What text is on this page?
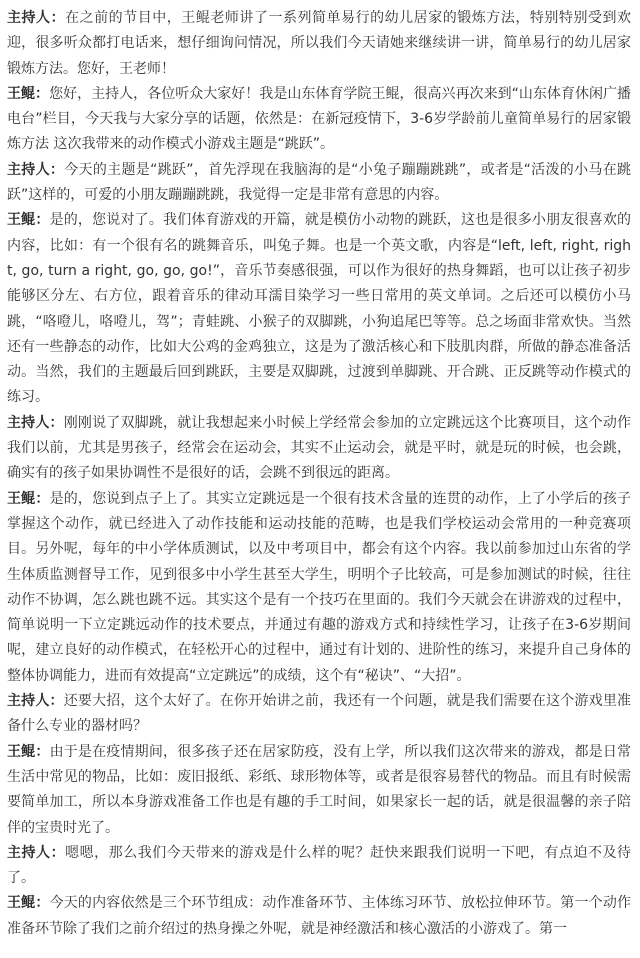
主持人：在之前的节目中，王鲲老师讲了一系列简单易行的幼儿居家的锻炼方法，特别特别受到欢迎，很多听众都打电话来，想仔细询问情况，所以我们今天请她来继续讲一讲，简单易行的幼儿居家锻炼方法。您好，王老师！

王鲲：您好，主持人，各位听众大家好！我是山东体育学院王鲲，很高兴再次来到“山东体育休闲广播电台”栏目，今天我与大家分享的话题，依然是：在新冠疫情下，3-6岁学龄前儿童简单易行的居家锻炼方法 这次我带来的动作模式小游戏主题是“跳跃”。

主持人：今天的主题是“跳跃”，首先浮现在我脑海的是“小兔子蹦蹦跳跳”，或者是“活泼的小马在跳跃”这样的，可爱的小朋友蹦蹦跳跳，我觉得一定是非常有意思的内容。

王鲲：是的，您说对了。我们体育游戏的开篇，就是模仿小动物的跳跃，这也是很多小朋友很喜欢的内容，比如：有一个很有名的跳舞音乐，叫兔子舞。也是一个英文歌，内容是“left, left, right, right, go, turn a right, go, go, go!”，音乐节奏感很强，可以作为很好的热身舞蹈，也可以让孩子初步能够区分左、右方位，跟着音乐的律动耳濡目染学习一些日常用的英文单词。之后还可以模仿小马跳，“咯噔儿，咯噔儿，驾”；青蛙跳、小猴子的双脚跳，小狗追尾巴等等。总之场面非常欢快。当然还有一些静态的动作，比如大公鸡的金鸡独立，这是为了激活核心和下肢肌肉群，所做的静态准备活动。当然，我们的主题最后回到跳跃，主要是双脚跳，过渡到单脚跳、开合跳、正反跳等动作模式的练习。

主持人：刚刚说了双脚跳，就让我想起来小时候上学经常会参加的立定跳远这个比赛项目，这个动作我们以前，尤其是男孩子，经常会在运动会，其实不止运动会，就是平时，就是玩的时候，也会跳，确实有的孩子如果协调性不是很好的话，会跳不到很远的距离。

王鲲：是的，您说到点子上了。其实立定跳远是一个很有技术含量的连贯的动作，上了小学后的孩子掌握这个动作，就已经进入了动作技能和运动技能的范畴，也是我们学校运动会常用的一种竞赛项目。另外呢，每年的中小学体质测试，以及中考项目中，都会有这个内容。我以前参加过山东省的学生体质监测督导工作，见到很多中小学生甚至大学生，明明个子比较高，可是参加测试的时候，往往动作不协调，怎么跳也跳不远。其实这个是有一个技巧在里面的。我们今天就会在讲游戏的过程中，简单说明一下立定跳远动作的技术要点，并通过有趣的游戏方式和持续性学习，让孩子在3-6岁期间呢，建立良好的动作模式，在轻松开心的过程中，通过有计划的、进阶性的练习，来提升自己身体的整体协调能力，进而有效提高“立定跳远”的成绩，这个有“秘诀”、“大招”。

主持人：还要大招，这个太好了。在你开始讲之前，我还有一个问题，就是我们需要在这个游戏里准备什么专业的器材吗？

王鲲：由于是在疫情期间，很多孩子还在居家防疫，没有上学，所以我们这次带来的游戏，都是日常生活中常见的物品，比如：废旧报纸、彩纸、球形物体等，或者是很容易替代的物品。而且有时候需要简单加工，所以本身游戏准备工作也是有趣的手工时间，如果家长一起的话，就是很温馨的亲子陪伴的宝贵时光了。

主持人：嗯嗯，那么我们今天带来的游戏是什么样的呢？赶快来跟我们说明一下吧，有点迫不及待了。

王鲲：今天的内容依然是三个环节组成：动作准备环节、主体练习环节、放松拉伸环节。第一个动作准备环节除了我们之前介绍过的热身操之外呢，就是神经激活和核心激活的小游戏了。第一
